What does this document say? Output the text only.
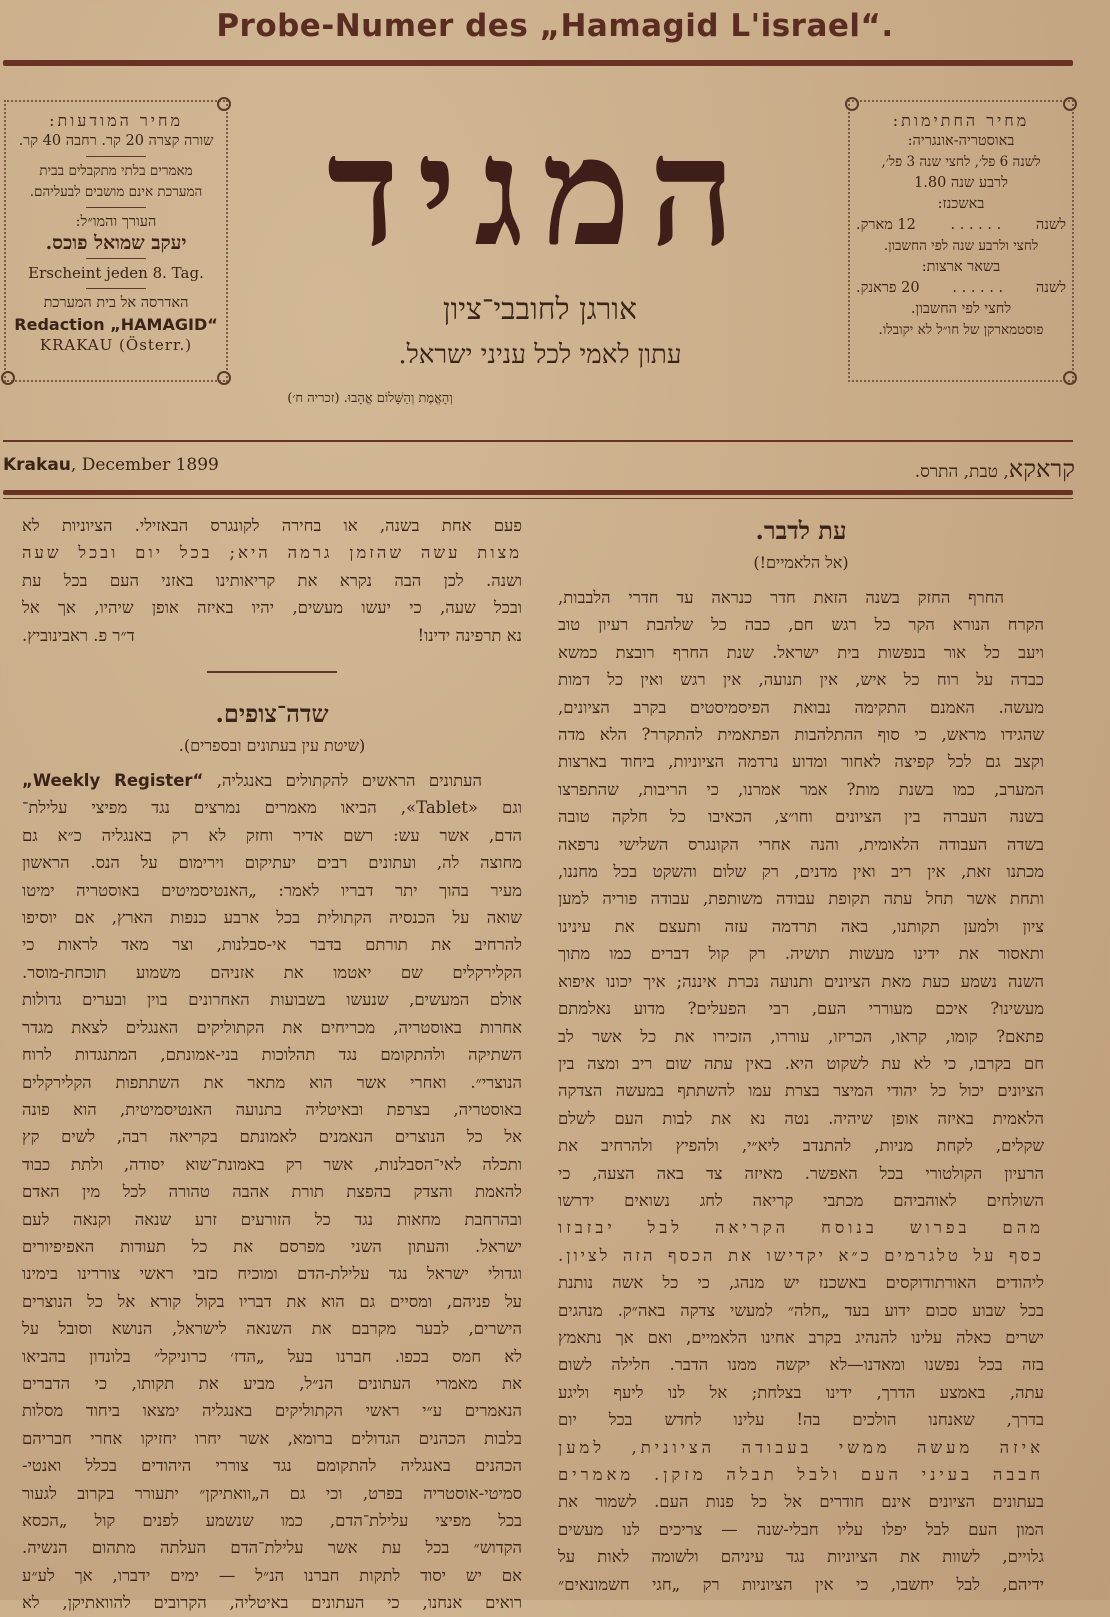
Probe-Numer des „Hamagid L'israel“.
מחיר המודעות:
שורה קצרה 20 קר. רחבה 40 קר.
מאמרים בלתי מתקבלים בבית
המערכת אינם מושבים לבעליהם.
העורך והמו״ל:
יעקב שמואל פוכס.
Erscheint jeden 8. Tag.
האדרסה אל בית המערכת
Redaction „HAMAGID“
KRAKAU (Österr.)
המגיד
אורגן לחובבי־ציון
עתון לאמי לכל עניני ישראל.
וְהָאֱמֶת וְהַשָּׁלוֹם אֱהָבוּ. (זכריה ח׳)
מחיר החתימות:
באוסטריה-אונגריה:
לשנה 6 פל׳, לחצי שנה 3 פל׳,
לרבע שנה 1.80
באשכנז:
לשנה
. . . . . .
12 מארק.
לחצי ולרבע שנה לפי החשבון.
בשאר ארצות:
לשנה
. . . . . .
20 פראנק.
לחצי לפי החשבון.
פוסטמארקן של חו״ל לא יקובלו.
Krakau, December 1899	קראקא, טבת, התרס.
עת לדבר.
(אל הלאמיים!)
החרף החזק בשנה הזאת חדר כנראה עד חדרי הלבבות,
הקרח הנורא הקר כל רגש חם, כבה כל שלהבת רעיון טוב
ויעב כל אור בנפשות בית ישראל. שנת החרף רובצת כמשא
כבדה על רוח כל איש, אין תנועה, אין רגש ואין כל דמות
מעשה. האמנם התקימה נבואת הפיסמיסטים בקרב הציונים,
שהגידו מראש, כי סוף ההתלהבות הפתאמית להתקרר? הלא מדה
וקצב גם לכל קפיצה לאחור ומדוע נרדמה הציוניות, ביחוד בארצות
המערב, כמו בשנת מות? אמר אמרנו, כי הריבות, שהתפרצו
בשנה העברה בין הציונים וחו״צ, הכאיבו כל חלקה טובה
בשדה העבודה הלאומית, והנה אחרי הקונגרס השלישי נרפאה
מכתנו זאת, אין ריב ואין מדנים, רק שלום והשקט בכל מחננו,
ותחת אשר תחל עתה תקופת עבודה משותפת, עבודה פוריה למען
ציון ולמען תקותנו, באה תרדמה עזה ותעצם את עינינו
ותאסור את ידינו מעשות תושיה. רק קול דברים כמו מתוך
השנה נשמע כעת מאת הציונים ותנועה נכרת איננה; איך יכונו איפוא
מעשינו? איכם מעוררי העם, רבי הפעלים? מדוע נאלמתם
פתאם? קומו, קראו, הכריזו, עוררו, הזכירו את כל אשר לב
חם בקרבו, כי לא עת לשקוט היא. באין עתה שום ריב ומצה בין
הציונים יכול כל יהודי המיצר בצרת עמו להשתתף במעשה הצדקה
הלאמית באיזה אופן שיהיה. נטה נא את לבות העם לשלם
שקלים, לקחת מניות, להתנדב ליא״י, ולהפיץ ולהרחיב את
הרעיון הקולטורי בכל האפשר. מאיזה צד באה הצעה, כי
השולחים לאוהביהם מכתבי קריאה לחג נשואים ידרשו
מהם בפרוש בנוסח הקריאה לבל יבזבזו
כסף על טלגרמים כ״א יקדישו את הכסף הזה לציון.
ליהודים האורתודוקסים באשכנז יש מנהג, כי כל אשה נותנת
בכל שבוע סכום ידוע בעד „חלה״ למעשי צדקה באה״ק. מנהגים
ישרים כאלה עלינו להנהיג בקרב אחינו הלאמיים, ואם אך נתאמץ
בזה בכל נפשנו ומאדנו—לא יקשה ממנו הדבר. חלילה לשום
עתה, באמצע הדרך, ידינו בצלחת; אל לנו ליעף וליגע
בדרך, שאנחנו הולכים בה! עלינו לחדש בכל יום
איזה מעשה ממשי בעבודה הציונית, למען
חבבה בעיני העם ולבל תבלה מזקן. מאמרים
בעתונים הציונים אינם חודרים אל כל פנות העם. לשמור את
המון העם לבל יפלו עליו חבלי-שנה — צריכים לנו מעשים
גלויים, לשוות את הציוניות נגד עיניהם ולשומה לאות על
ידיהם, לבל יחשבו, כי אין הציוניות רק „חגי חשמונאים״
פעם אחת בשנה, או בחירה לקונגרס הבאזילי. הציוניות לא
מצות עשה שהזמן גרמה היא; בכל יום ובכל שעה
ושנה. לכן הבה נקרא את קריאותינו באזני העם בכל עת
ובכל שעה, כי יעשו מעשים, יהיו באיזה אופן שיהיו, אך אל
נא תרפינה ידינו!
ד״ר פ. ראבינוביץ.
שדה־צופים.
(שיטת עין בעתונים ובספרים).
העתונים הראשים להקתולים באנגליה, „Weekly Register“
וגם «Tablet», הביאו מאמרים נמרצים נגד מפיצי עלילת־
הדם, אשר עש: רשם אדיר וחזק לא רק באנגליה כ״א גם
מחוצה לה, ועתונים רבים יעתיקום וירימום על הנס. הראשון
מעיר בהוך יתר דבריו לאמר: „האנטיסמיטים באוסטריה ימיטו
שואה על הכנסיה הקתולית בכל ארבע כנפות הארץ, אם יוסיפו
להרחיב את תורתם בדבר אי-סבלנות, וצר מאד לראות כי
הקלירקלים שם יאטמו את אזניהם משמוע תוכחת-מוסר.
אולם המעשים, שנעשו בשבועות האחרונים בוין ובערים גדולות
אחרות באוסטריה, מכריחים את הקתוליקים האנגלים לצאת מגדר
השתיקה ולהתקומם נגד תהלוכות בני-אמונתם, המתנגדות לרוח
הנוצרי״. ואחרי אשר הוא מתאר את השתתפות הקלירקלים
באוסטריה, בצרפת ובאיטליה בתנועה האנטיסמיטית, הוא פונה
אל כל הנוצרים הנאמנים לאמונתם בקריאה רבה, לשים קץ
ותכלה לאי־הסבלנות, אשר רק באמונת־שוא יסודה, ולתת כבוד
להאמת והצדק בהפצת תורת אהבה טהורה לכל מין האדם
ובהרחבת מחאות נגד כל הזורעים זרע שנאה וקנאה לעם
ישראל. והעתון השני מפרסם את כל תעודות האפיפיורים
וגדולי ישראל נגד עלילת-הדם ומוכיח כזבי ראשי צוררינו בימינו
על פניהם, ומסיים גם הוא את דבריו בקול קורא אל כל הנוצרים
הישרים, לבער מקרבם את השנאה לישראל, הנושא וסובל על
לא חמס בכפו. חברנו בעל „הדז׳ כרוניקל״ בלונדון בהביאו
את מאמרי העתונים הנ״ל, מביע את תקותו, כי הדברים
הנאמרים ע״י ראשי הקתוליקים באנגליה ימצאו ביחוד מסלות
בלבות הכהנים הגדולים ברומא, אשר יחרו יחזיקו אחרי חבריהם
הכהנים באנגליה להתקומם נגד צוררי היהודים בכלל ואנטי-
סמיטי-אוסטריה בפרט, וכי גם ה„וואתיקן״ יתעורר בקרוב לגעור
בכל מפיצי עלילת־הדם, כמו שנשמע לפנים קול „הכסא
הקדוש״ בכל עת אשר עלילת־הדם העלתה מתהום הנשיה.
אם יש יסוד לתקות חברנו הנ״ל — ימים ידברו, אך לע״ע
רואים אנחנו, כי העתונים באיטליה, הקרובים להוואתיקן, לא
